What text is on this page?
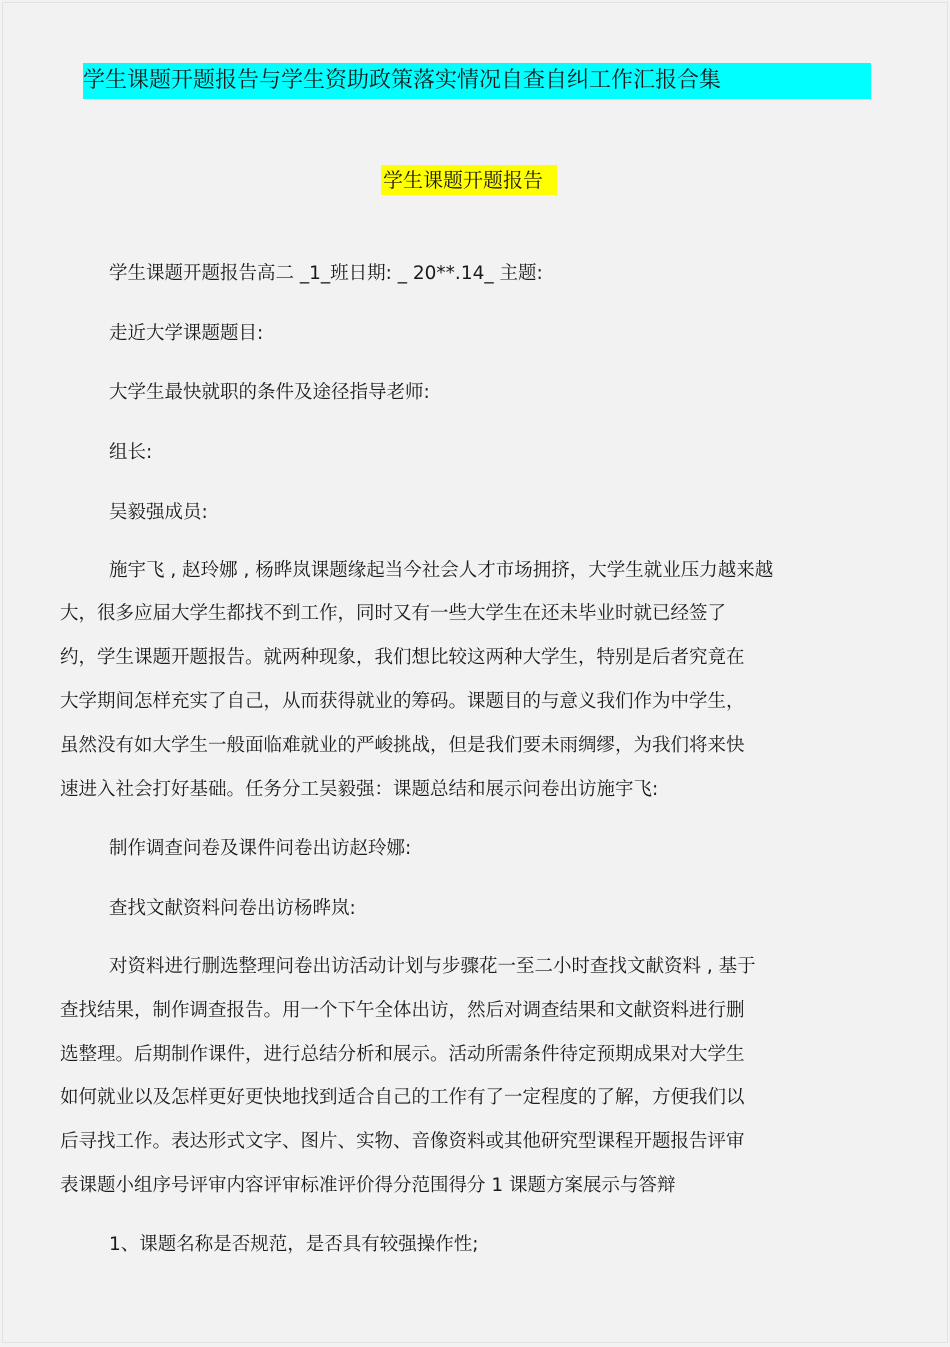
学生课题开题报告与学生资助政策落实情况自查自纠工作汇报合集
学生课题开题报告
学生课题开题报告高二 _1_班日期: _ 20**.14_ 主题:
走近大学课题题目:
大学生最快就职的条件及途径指导老师:
组长:
吴毅强成员:
施宇飞 , 赵玲娜 , 杨晔岚课题缘起当今社会人才市场拥挤，大学生就业压力越来越
大，很多应届大学生都找不到工作，同时又有一些大学生在还未毕业时就已经签了
约，学生课题开题报告。就两种现象，我们想比较这两种大学生，特别是后者究竟在
大学期间怎样充实了自己，从而获得就业的筹码。课题目的与意义我们作为中学生，
虽然没有如大学生一般面临难就业的严峻挑战，但是我们要未雨绸缪，为我们将来快
速进入社会打好基础。任务分工吴毅强：课题总结和展示问卷出访施宇飞:
制作调查问卷及课件问卷出访赵玲娜:
查找文献资料问卷出访杨晔岚:
对资料进行删选整理问卷出访活动计划与步骤花一至二小时查找文献资料 , 基于
查找结果，制作调查报告。用一个下午全体出访，然后对调查结果和文献资料进行删
选整理。后期制作课件，进行总结分析和展示。活动所需条件待定预期成果对大学生
如何就业以及怎样更好更快地找到适合自己的工作有了一定程度的了解，方便我们以
后寻找工作。表达形式文字、图片、实物、音像资料或其他研究型课程开题报告评审
表课题小组序号评审内容评审标准评价得分范围得分 1 课题方案展示与答辩
1、课题名称是否规范，是否具有较强操作性;
